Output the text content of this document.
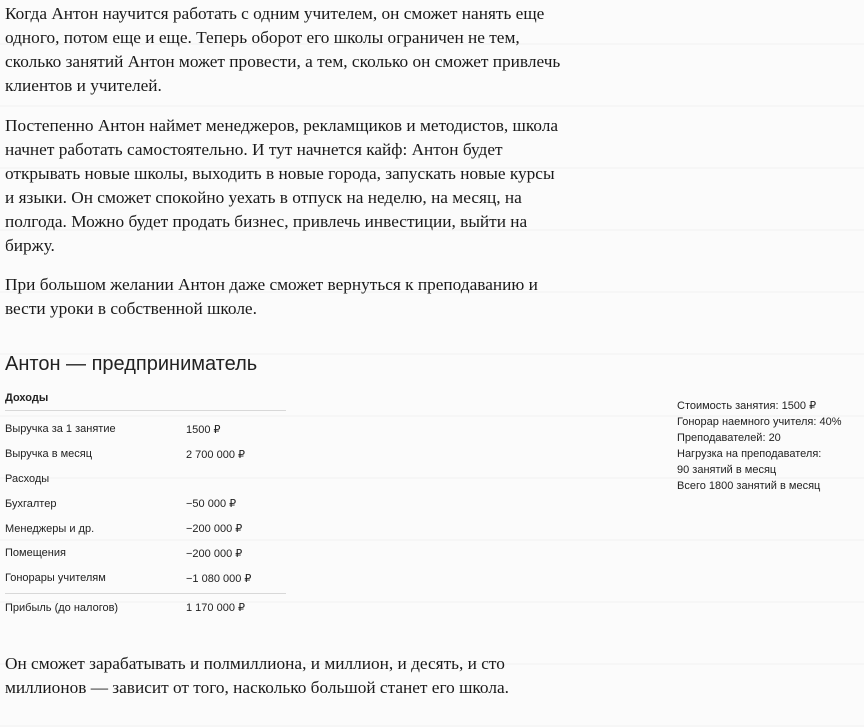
Когда Антон научится работать с одним учителем, он сможет нанять еще одного, потом еще и еще. Теперь оборот его школы ограничен не тем, сколько занятий Антон может провести, а тем, сколько он сможет привлечь клиентов и учителей.

Постепенно Антон наймет менеджеров, рекламщиков и методистов, школа начнет работать самостоятельно. И тут начнется кайф: Антон будет открывать новые школы, выходить в новые города, запускать новые курсы и языки. Он сможет спокойно уехать в отпуск на неделю, на месяц, на полгода. Можно будет продать бизнес, привлечь инвестиции, выйти на биржу.

При большом желании Антон даже сможет вернуться к преподаванию и вести уроки в собственной школе.

Антон — предприниматель
Доходы
Выручка за 1 занятие	1500 ₽
Выручка в месяц	2 700 000 ₽
Расходы
Бухгалтер	−50 000 ₽
Менеджеры и др.	−200 000 ₽
Помещения	−200 000 ₽
Гонорары учителям	−1 080 000 ₽
Прибыль (до налогов)	1 170 000 ₽
Стоимость занятия: 1500 ₽
Гонорар наемного учителя: 40%
Преподавателей: 20
Нагрузка на преподавателя:
90 занятий в месяц
Всего 1800 занятий в месяц

Он сможет зарабатывать и полмиллиона, и миллион, и десять, и сто миллионов — зависит от того, насколько большой станет его школа.
